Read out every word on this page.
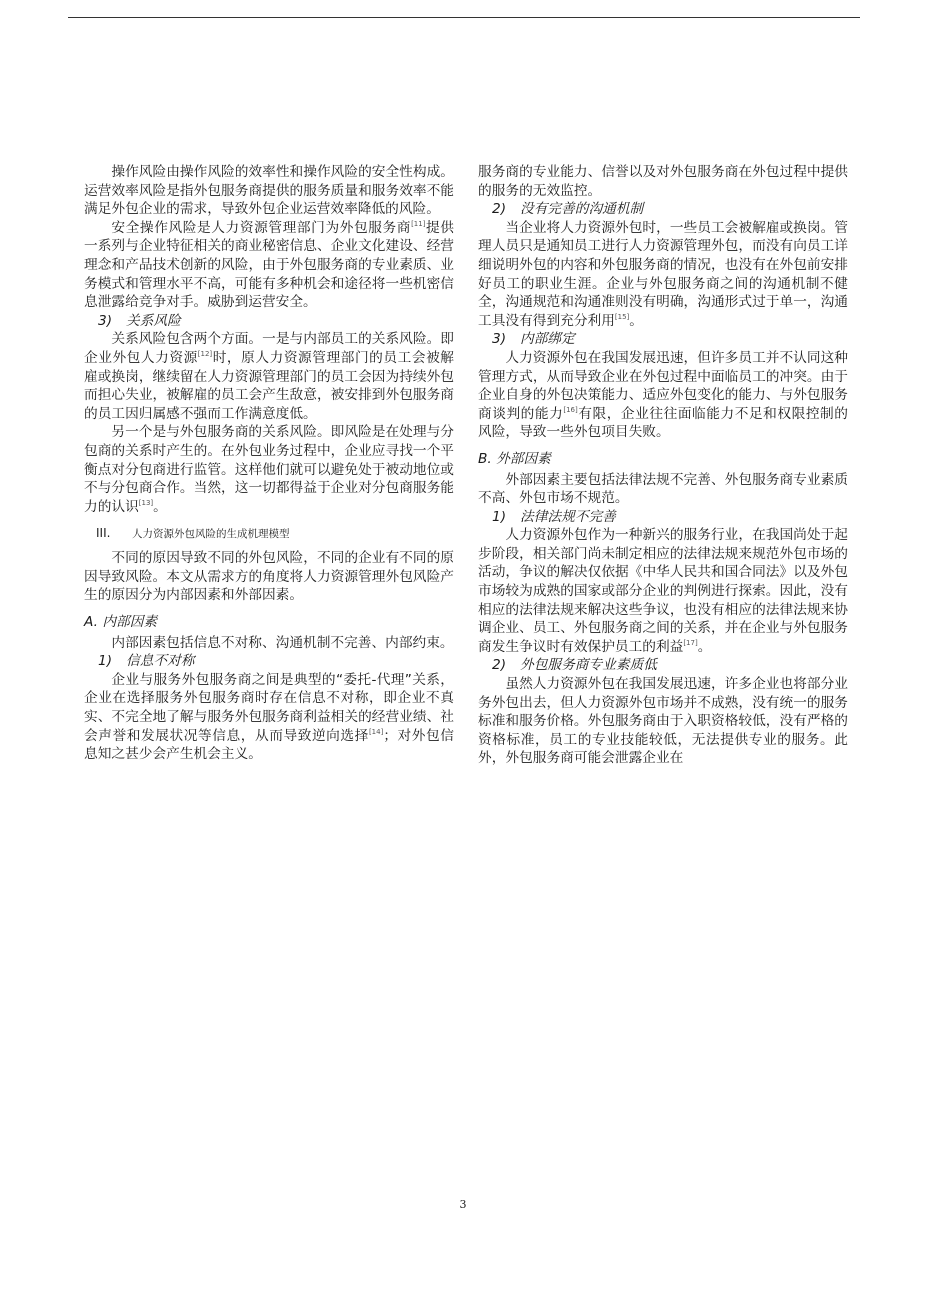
操作风险由操作风险的效率性和操作风险的安全性构成。运营效率风险是指外包服务商提供的服务质量和服务效率不能满足外包企业的需求，导致外包企业运营效率降低的风险。

安全操作风险是人力资源管理部门为外包服务商[11]提供一系列与企业特征相关的商业秘密信息、企业文化建设、经营理念和产品技术创新的风险，由于外包服务商的专业素质、业务模式和管理水平不高，可能有多种机会和途径将一些机密信息泄露给竞争对手。威胁到运营安全。

3) 关系风险

关系风险包含两个方面。一是与内部员工的关系风险。即企业外包人力资源[12]时，原人力资源管理部门的员工会被解雇或换岗，继续留在人力资源管理部门的员工会因为持续外包而担心失业，被解雇的员工会产生敌意，被安排到外包服务商的员工因归属感不强而工作满意度低。

另一个是与外包服务商的关系风险。即风险是在处理与分包商的关系时产生的。在外包业务过程中，企业应寻找一个平衡点对分包商进行监管。这样他们就可以避免处于被动地位或不与分包商合作。当然，这一切都得益于企业对分包商服务能力的认识[13]。

III. 人力资源外包风险的生成机理模型

不同的原因导致不同的外包风险，不同的企业有不同的原因导致风险。本文从需求方的角度将人力资源管理外包风险产生的原因分为内部因素和外部因素。

A. 内部因素

内部因素包括信息不对称、沟通机制不完善、内部约束。

1) 信息不对称

企业与服务外包服务商之间是典型的“委托-代理”关系，企业在选择服务外包服务商时存在信息不对称，即企业不真实、不完全地了解与服务外包服务商利益相关的经营业绩、社会声誉和发展状况等信息，从而导致逆向选择[14]；对外包信息知之甚少会产生机会主义。

服务商的专业能力、信誉以及对外包服务商在外包过程中提供的服务的无效监控。

2) 没有完善的沟通机制

当企业将人力资源外包时，一些员工会被解雇或换岗。管理人员只是通知员工进行人力资源管理外包，而没有向员工详细说明外包的内容和外包服务商的情况，也没有在外包前安排好员工的职业生涯。企业与外包服务商之间的沟通机制不健全，沟通规范和沟通准则没有明确，沟通形式过于单一，沟通工具没有得到充分利用[15]。

3) 内部绑定

人力资源外包在我国发展迅速，但许多员工并不认同这种管理方式，从而导致企业在外包过程中面临员工的冲突。由于企业自身的外包决策能力、适应外包变化的能力、与外包服务商谈判的能力[16]有限，企业往往面临能力不足和权限控制的风险，导致一些外包项目失败。

B. 外部因素

外部因素主要包括法律法规不完善、外包服务商专业素质不高、外包市场不规范。

1) 法律法规不完善

人力资源外包作为一种新兴的服务行业，在我国尚处于起步阶段，相关部门尚未制定相应的法律法规来规范外包市场的活动，争议的解决仅依据《中华人民共和国合同法》以及外包市场较为成熟的国家或部分企业的判例进行探索。因此，没有相应的法律法规来解决这些争议，也没有相应的法律法规来协调企业、员工、外包服务商之间的关系，并在企业与外包服务商发生争议时有效保护员工的利益[17]。

2) 外包服务商专业素质低

虽然人力资源外包在我国发展迅速，许多企业也将部分业务外包出去，但人力资源外包市场并不成熟，没有统一的服务标准和服务价格。外包服务商由于入职资格较低，没有严格的资格标准，员工的专业技能较低，无法提供专业的服务。此外，外包服务商可能会泄露企业在

3
